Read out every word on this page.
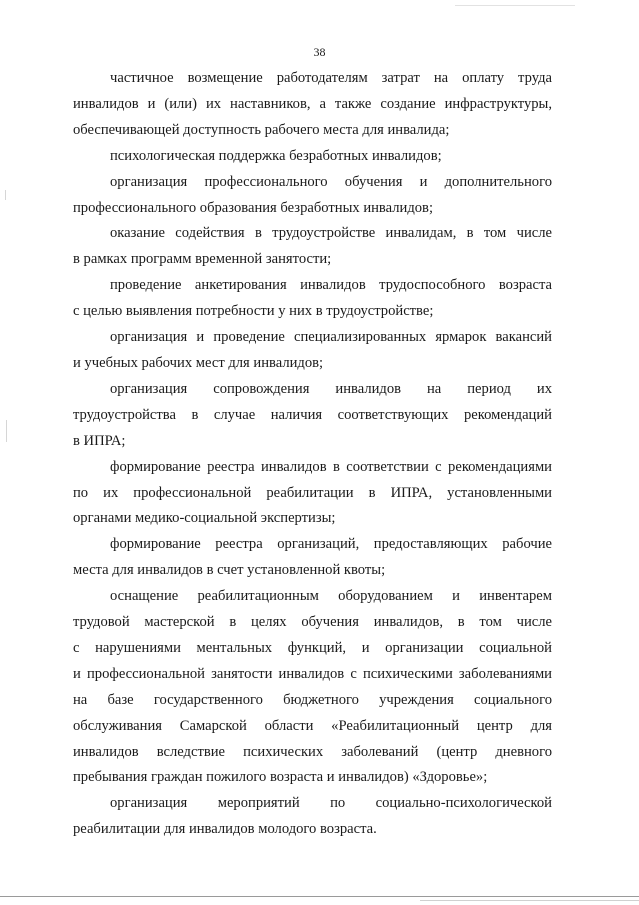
38
частичное возмещение работодателям затрат на оплату труда
инвалидов и (или) их наставников, а также создание инфраструктуры,
обеспечивающей доступность рабочего места для инвалида;
психологическая поддержка безработных инвалидов;
организация профессионального обучения и дополнительного
профессионального образования безработных инвалидов;
оказание содействия в трудоустройстве инвалидам, в том числе
в рамках программ временной занятости;
проведение анкетирования инвалидов трудоспособного возраста
с целью выявления потребности у них в трудоустройстве;
организация и проведение специализированных ярмарок вакансий
и учебных рабочих мест для инвалидов;
организация сопровождения инвалидов на период их
трудоустройства в случае наличия соответствующих рекомендаций
в ИПРА;
формирование реестра инвалидов в соответствии с рекомендациями
по их профессиональной реабилитации в ИПРА, установленными
органами медико-социальной экспертизы;
формирование реестра организаций, предоставляющих рабочие
места для инвалидов в счет установленной квоты;
оснащение реабилитационным оборудованием и инвентарем
трудовой мастерской в целях обучения инвалидов, в том числе
с нарушениями ментальных функций, и организации социальной
и профессиональной занятости инвалидов с психическими заболеваниями
на базе государственного бюджетного учреждения социального
обслуживания Самарской области «Реабилитационный центр для
инвалидов вследствие психических заболеваний (центр дневного
пребывания граждан пожилого возраста и инвалидов) «Здоровье»;
организация мероприятий по социально-психологической
реабилитации для инвалидов молодого возраста.
